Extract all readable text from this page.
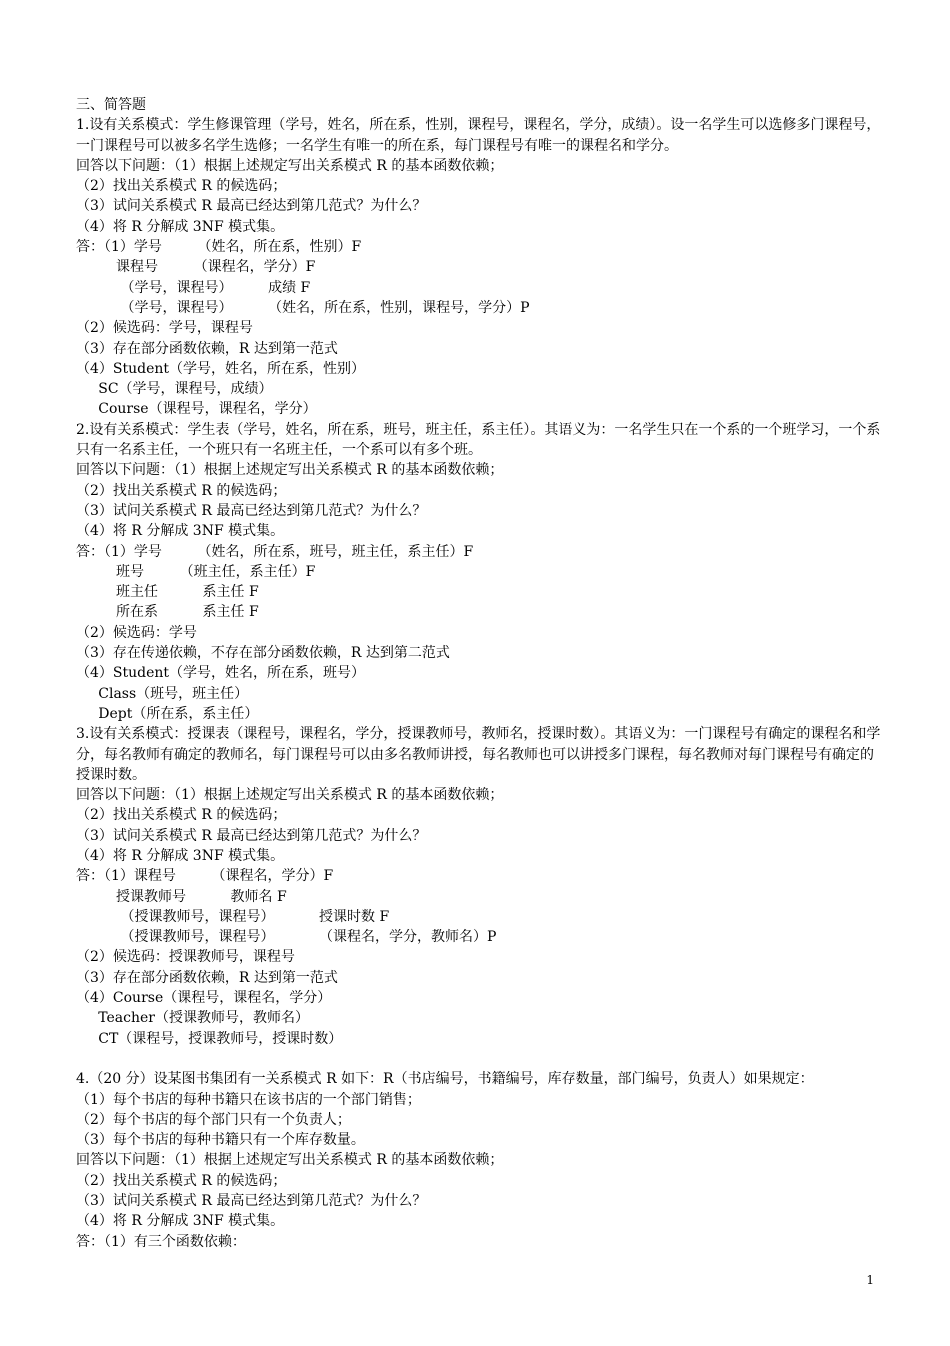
三、简答题
1.设有关系模式：学生修课管理（学号，姓名，所在系，性别，课程号，课程名，学分，成绩）。设一名学生可以选修多门课程号，一门课程号可以被多名学生选修；一名学生有唯一的所在系，每门课程号有唯一的课程名和学分。
回答以下问题：（1）根据上述规定写出关系模式 R 的基本函数依赖；
（2）找出关系模式 R 的候选码；
（3）试问关系模式 R 最高已经达到第几范式？为什么？
（4）将 R 分解成 3NF 模式集。
答：（1）学号        （姓名，所在系，性别）F
课程号        （课程名，学分）F
（学号，课程号）        成绩 F
（学号，课程号）        （姓名，所在系，性别，课程号，学分）P
（2）候选码：学号，课程号
（3）存在部分函数依赖，R 达到第一范式
（4）Student（学号，姓名，所在系，性别）
SC（学号，课程号，成绩）
Course（课程号，课程名，学分）
2.设有关系模式：学生表（学号，姓名，所在系，班号，班主任，系主任）。其语义为：一名学生只在一个系的一个班学习，一个系只有一名系主任，一个班只有一名班主任，一个系可以有多个班。
回答以下问题：（1）根据上述规定写出关系模式 R 的基本函数依赖；
（2）找出关系模式 R 的候选码；
（3）试问关系模式 R 最高已经达到第几范式？为什么？
（4）将 R 分解成 3NF 模式集。
答：（1）学号        （姓名，所在系，班号，班主任，系主任）F
班号        （班主任，系主任）F
班主任          系主任 F
所在系          系主任 F
（2）候选码：学号
（3）存在传递依赖，不存在部分函数依赖，R 达到第二范式
（4）Student（学号，姓名，所在系，班号）
Class（班号，班主任）
Dept（所在系，系主任）
3.设有关系模式：授课表（课程号，课程名，学分，授课教师号，教师名，授课时数）。其语义为：一门课程号有确定的课程名和学分，每名教师有确定的教师名，每门课程号可以由多名教师讲授，每名教师也可以讲授多门课程，每名教师对每门课程号有确定的授课时数。
回答以下问题：（1）根据上述规定写出关系模式 R 的基本函数依赖；
（2）找出关系模式 R 的候选码；
（3）试问关系模式 R 最高已经达到第几范式？为什么？
（4）将 R 分解成 3NF 模式集。
答：（1）课程号        （课程名，学分）F
授课教师号          教师名 F
（授课教师号，课程号）          授课时数 F
（授课教师号，课程号）          （课程名，学分，教师名）P
（2）候选码：授课教师号，课程号
（3）存在部分函数依赖，R 达到第一范式
（4）Course（课程号，课程名，学分）
Teacher（授课教师号，教师名）
CT（课程号，授课教师号，授课时数）
4.（20 分）设某图书集团有一关系模式 R 如下：R（书店编号，书籍编号，库存数量，部门编号，负责人）如果规定：
（1）每个书店的每种书籍只在该书店的一个部门销售；
（2）每个书店的每个部门只有一个负责人；
（3）每个书店的每种书籍只有一个库存数量。
回答以下问题：（1）根据上述规定写出关系模式 R 的基本函数依赖；
（2）找出关系模式 R 的候选码；
（3）试问关系模式 R 最高已经达到第几范式？为什么？
（4）将 R 分解成 3NF 模式集。
答：（1）有三个函数依赖：
1
